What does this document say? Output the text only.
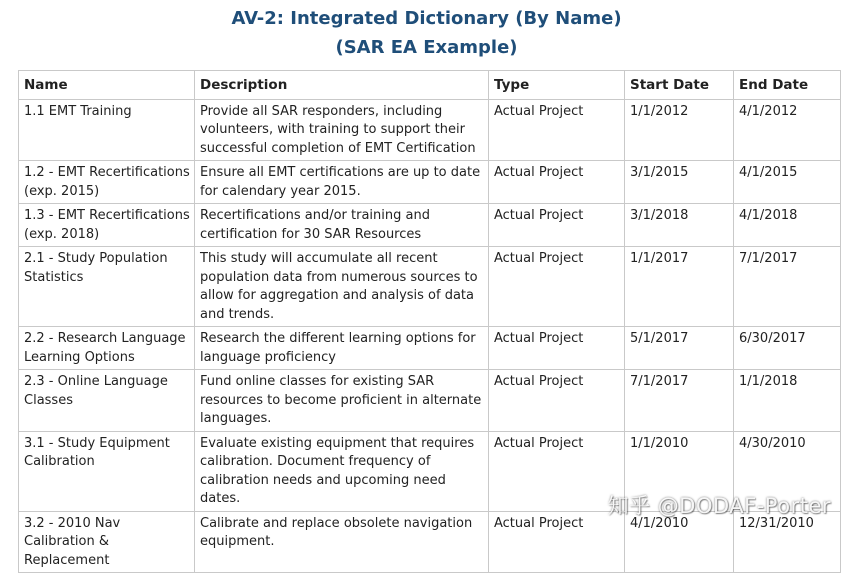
AV-2: Integrated Dictionary (By Name)
(SAR EA Example)
Name	Description	Type	Start Date	End Date
1.1 EMT Training	Provide all SAR responders, including volunteers, with training to support their successful completion of EMT Certification	Actual Project	1/1/2012	4/1/2012
1.2 - EMT Recertifications (exp. 2015)	Ensure all EMT certifications are up to date for calendary year 2015.	Actual Project	3/1/2015	4/1/2015
1.3 - EMT Recertifications (exp. 2018)	Recertifications and/or training and certification for 30 SAR Resources	Actual Project	3/1/2018	4/1/2018
2.1 - Study Population Statistics	This study will accumulate all recent population data from numerous sources to allow for aggregation and analysis of data and trends.	Actual Project	1/1/2017	7/1/2017
2.2 - Research Language Learning Options	Research the different learning options for language proficiency	Actual Project	5/1/2017	6/30/2017
2.3 - Online Language Classes	Fund online classes for existing SAR resources to become proficient in alternate languages.	Actual Project	7/1/2017	1/1/2018
3.1 - Study Equipment Calibration	Evaluate existing equipment that requires calibration. Document frequency of calibration needs and upcoming need dates.	Actual Project	1/1/2010	4/30/2010
3.2 - 2010 Nav Calibration & Replacement	Calibrate and replace obsolete navigation equipment.	Actual Project	4/1/2010	12/31/2010
知乎 @DODAF-Porter
